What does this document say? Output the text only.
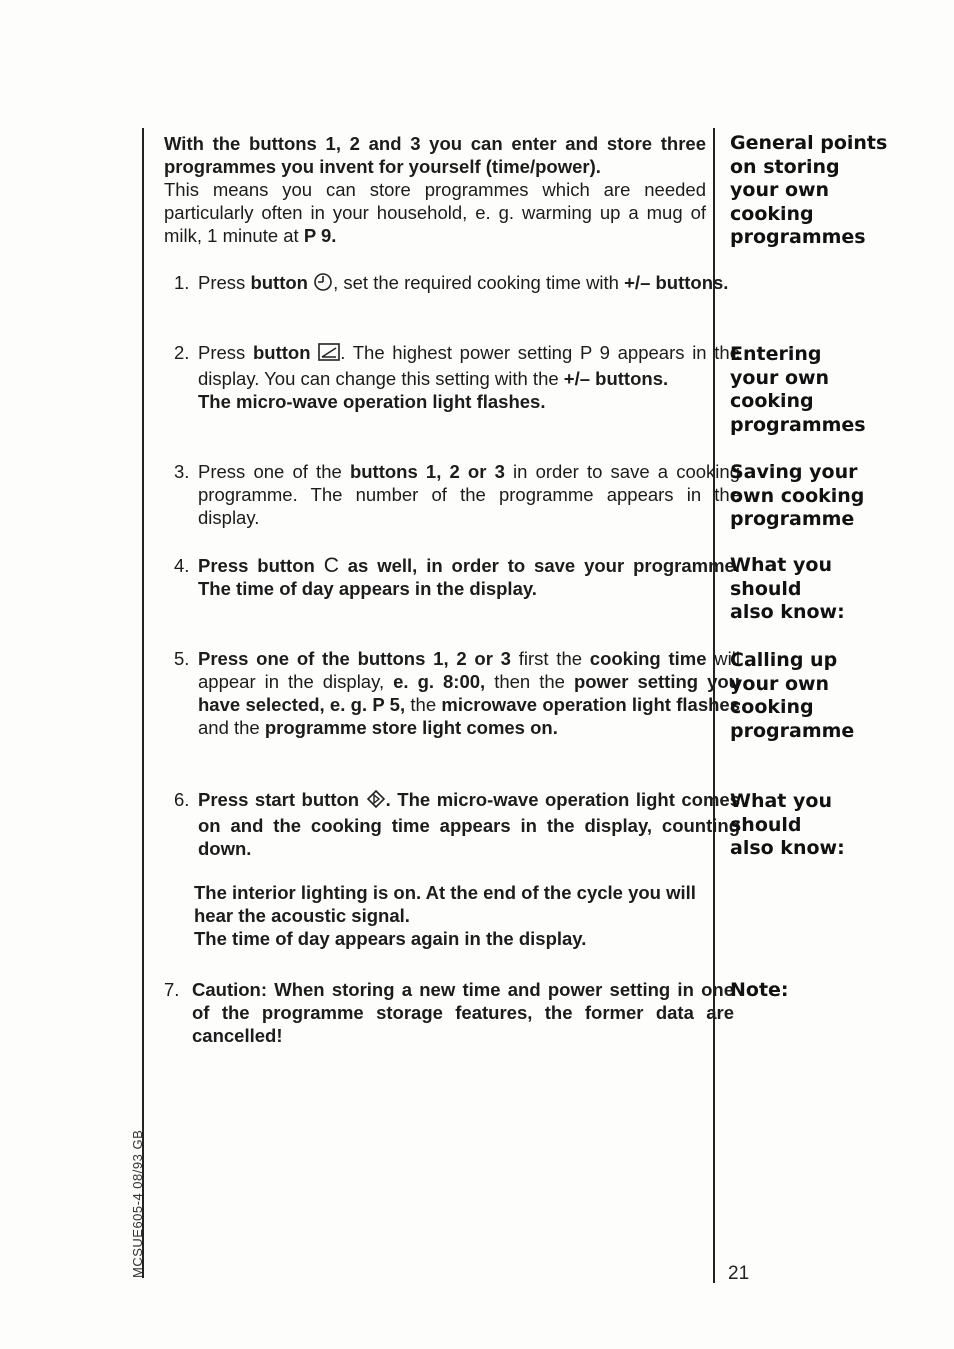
MCSUE605-4 08/93 GB	21

With the buttons 1, 2 and 3 you can enter and store three programmes you invent for yourself (time/power).

This means you can store programmes which are needed particularly often in your household, e. g. warming up a mug of milk, 1 minute at P 9.

1. Press button , set the required cooking time with +/– buttons.

2. Press button . The highest power setting P 9 appears in the display. You can change this setting with the +/– buttons.

The micro-wave operation light flashes.

3. Press one of the buttons 1, 2 or 3 in order to save a cooking programme. The number of the programme appears in the display.

4. Press button C as well, in order to save your programme. The time of day appears in the display.

5. Press one of the buttons 1, 2 or 3 first the cooking time will appear in the display, e. g. 8:00, then the power setting you have selected, e. g. P 5, the microwave operation light flashes and the programme store light comes on.

6. Press start button . The micro-wave operation light comes on and the cooking time appears in the display, counting down.

The interior lighting is on. At the end of the cycle you will hear the acoustic signal.

The time of day appears again in the display.

7. Caution: When storing a new time and power setting in one of the programme storage features, the former data are cancelled!

General points
on storing
your own
cooking
programmes
Entering
your own
cooking
programmes
Saving your
own cooking
programme
What you
should
also know:
Calling up
your own
cooking
programme
What you
should
also know:
Note:
